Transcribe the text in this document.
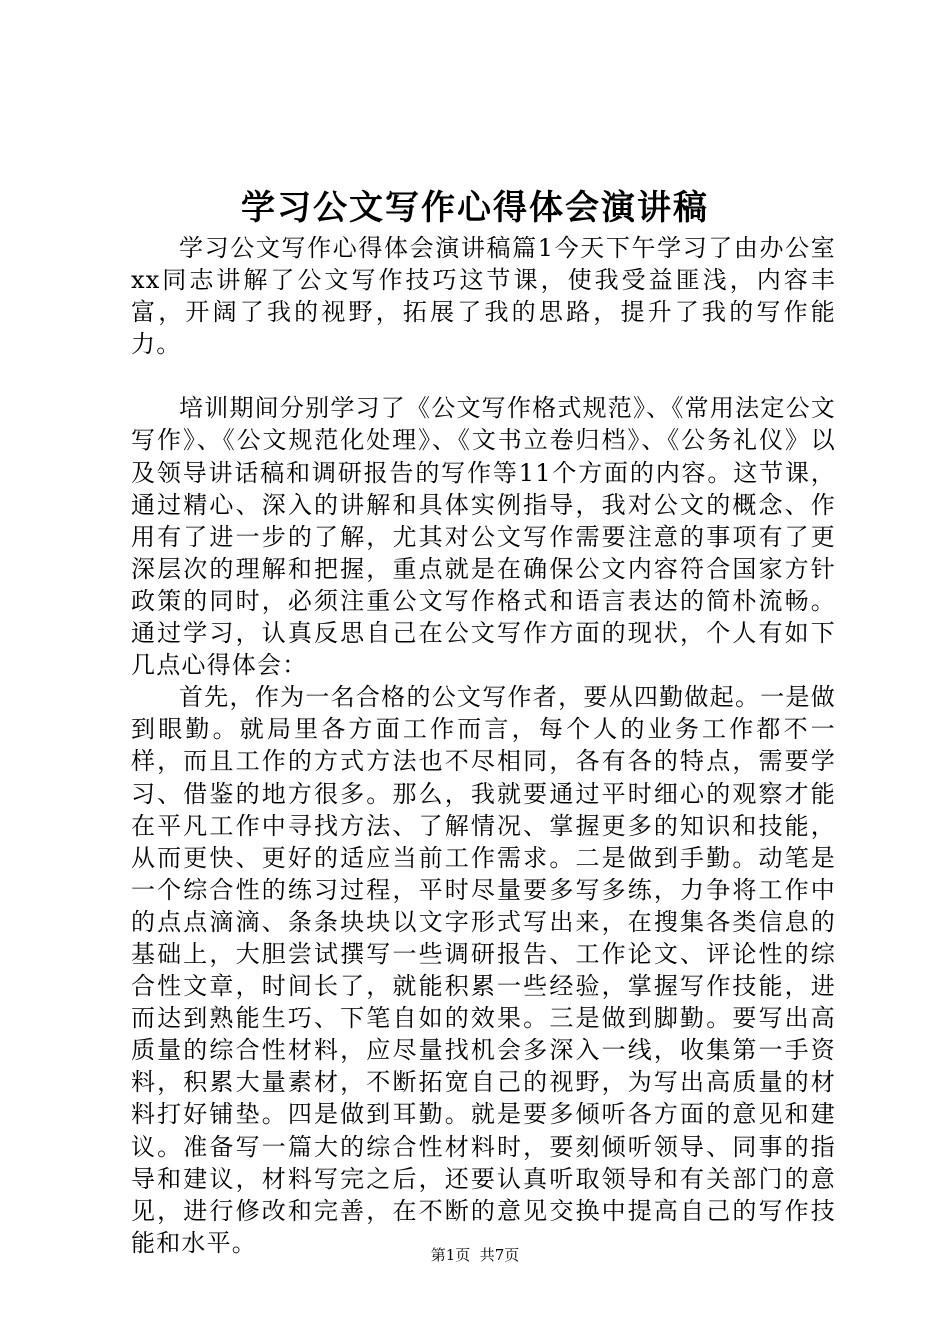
学习公文写作心得体会演讲稿

学习公文写作心得体会演讲稿篇1今天下午学习了由办公室xx同志讲解了公文写作技巧这节课，使我受益匪浅，内容丰富，开阔了我的视野，拓展了我的思路，提升了我的写作能力。

培训期间分别学习了《公文写作格式规范》、《常用法定公文写作》、《公文规范化处理》、《文书立卷归档》、《公务礼仪》以及领导讲话稿和调研报告的写作等11个方面的内容。这节课，通过精心、深入的讲解和具体实例指导，我对公文的概念、作用有了进一步的了解，尤其对公文写作需要注意的事项有了更深层次的理解和把握，重点就是在确保公文内容符合国家方针政策的同时，必须注重公文写作格式和语言表达的简朴流畅。通过学习，认真反思自己在公文写作方面的现状，个人有如下几点心得体会：

首先，作为一名合格的公文写作者，要从四勤做起。一是做到眼勤。就局里各方面工作而言，每个人的业务工作都不一样，而且工作的方式方法也不尽相同，各有各的特点，需要学习、借鉴的地方很多。那么，我就要通过平时细心的观察才能在平凡工作中寻找方法、了解情况、掌握更多的知识和技能，从而更快、更好的适应当前工作需求。二是做到手勤。动笔是一个综合性的练习过程，平时尽量要多写多练，力争将工作中的点点滴滴、条条块块以文字形式写出来，在搜集各类信息的基础上，大胆尝试撰写一些调研报告、工作论文、评论性的综合性文章，时间长了，就能积累一些经验，掌握写作技能，进而达到熟能生巧、下笔自如的效果。三是做到脚勤。要写出高质量的综合性材料，应尽量找机会多深入一线，收集第一手资料，积累大量素材，不断拓宽自己的视野，为写出高质量的材料打好铺垫。四是做到耳勤。就是要多倾听各方面的意见和建议。准备写一篇大的综合性材料时，要刻倾听领导、同事的指导和建议，材料写完之后，还要认真听取领导和有关部门的意见，进行修改和完善，在不断的意见交换中提高自己的写作技能和水平。	第1页  共7页
